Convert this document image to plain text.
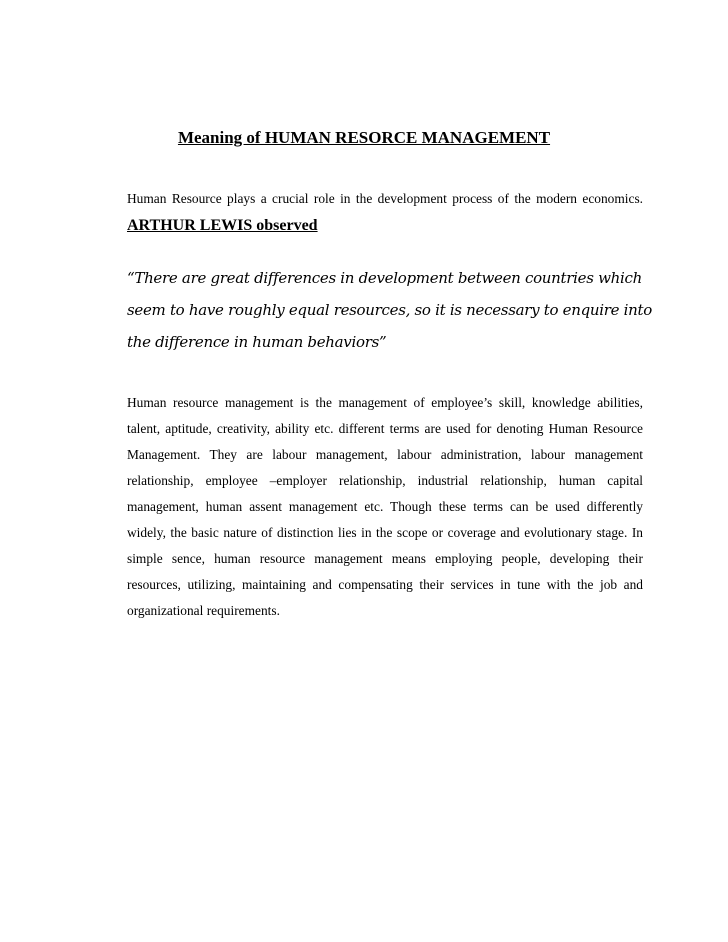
Meaning of HUMAN RESORCE MANAGEMENT
Human Resource plays a crucial role in the development process of the modern economics. ARTHUR LEWIS observed
“There are great differences in development between countries which seem to have roughly equal resources, so it is necessary to enquire into the difference in human behaviors”
Human resource management is the management of employee’s skill, knowledge abilities, talent, aptitude, creativity, ability etc. different terms are used for denoting Human Resource Management. They are labour management, labour administration, labour management relationship, employee –employer relationship, industrial relationship, human capital management, human assent management etc. Though these terms can be used differently widely, the basic nature of distinction lies in the scope or coverage and evolutionary stage. In simple sence, human resource management means employing people, developing their resources, utilizing, maintaining and compensating their services in tune with the job and organizational requirements.
